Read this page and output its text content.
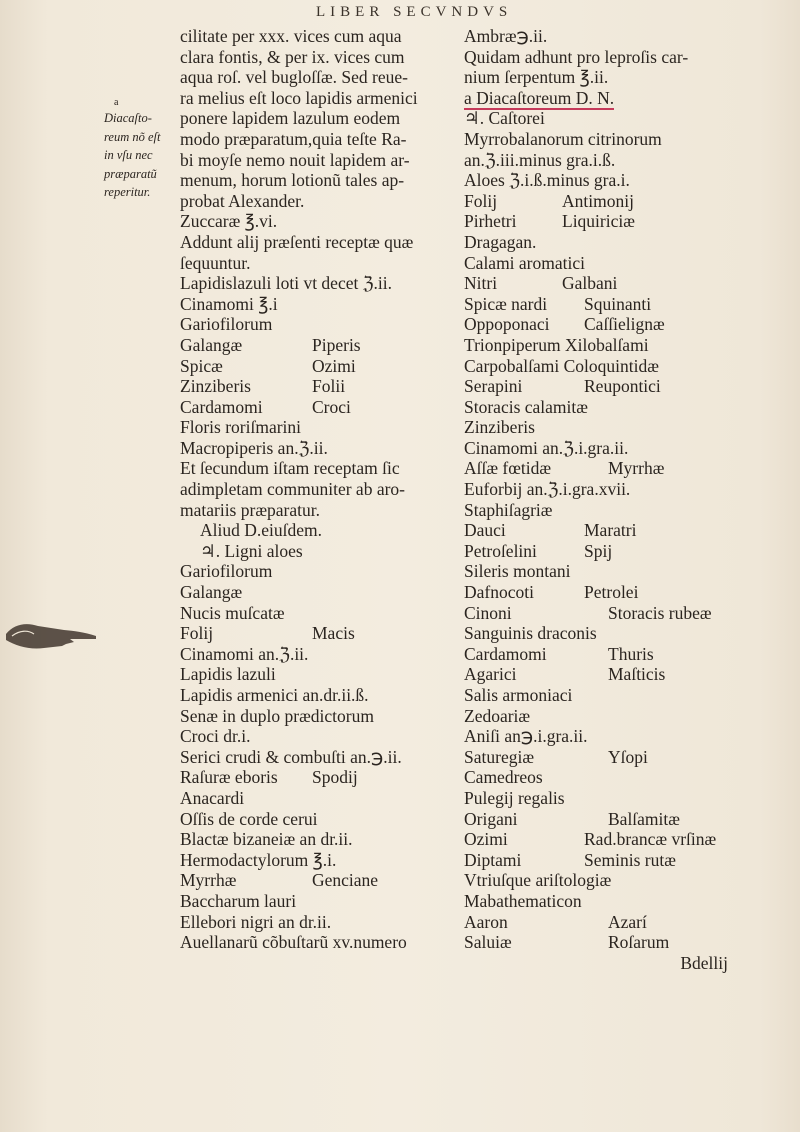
LIBER SECVNDVS
a
Diacaſto-
reum nõ eſt
in vſu nec
præparatũ
reperitur.
cilitate per xxx. vices cum aqua
clara fontis, & per ix. vices cum
aqua roſ. vel bugloſſæ. Sed reue-
ra melius eſt loco lapidis armenici
ponere lapidem lazulum eodem
modo præparatum,quia teſte Ra-
bi moyſe nemo nouit lapidem ar-
menum, horum lotionũ tales ap-
probat Alexander.
Zuccaræ ℥.vi.
Addunt alij præſenti receptæ quæ
ſequuntur.
Lapidislazuli loti vt decet ℨ.ii.
Cinamomi ℥.i
Gariofilorum
Galangæ	Piperis
Spicæ	Ozimi
Zinziberis	Folii
Cardamomi	Croci
Floris roriſmarini
Macropiperis an.ℨ.ii.
Et ſecundum iſtam receptam ſic
adimpletam communiter ab aro-
matariis præparatur.
Aliud D.eiuſdem.
♃. Ligni aloes
Gariofilorum
Galangæ
Nucis muſcatæ
Folij	Macis
Cinamomi an.ℨ.ii.
Lapidis lazuli
Lapidis armenici an.dr.ii.ß.
Senæ in duplo prædictorum
Croci dr.i.
Serici crudi & combuſti an.℈.ii.
Raſuræ eboris	Spodij
Anacardi
Oſſis de corde cerui
Blactæ bizaneiæ an dr.ii.
Hermodactylorum ℥.i.
Myrrhæ	Genciane
Baccharum lauri
Ellebori nigri an dr.ii.
Auellanarũ cõbuſtarũ xv.numero
Ambræ℈.ii.
Quidam adhunt pro leproſis car-
nium ſerpentum ℥.ii.
a Diacaſtoreum D. N.
♃. Caſtorei
Myrrobalanorum citrinorum
an.ℨ.iii.minus gra.i.ß.
Aloes ℨ.i.ß.minus gra.i.
Folij	Antimonij
Pirhetri	Liquiriciæ
Dragagan.
Calami aromatici
Nitri	Galbani
Spicæ nardi	Squinanti
Oppoponaci	Caſſielignæ
Trionpiperum Xilobalſami
Carpobalſami Coloquintidæ
Serapini	Reupontici
Storacis calamitæ
Zinziberis
Cinamomi an.ℨ.i.gra.ii.
Aſſæ fœtidæ	Myrrhæ
Euforbij an.ℨ.i.gra.xvii.
Staphiſagriæ
Dauci	Maratri
Petroſelini	Spij
Sileris montani
Dafnocoti	Petrolei
Cinoni	Storacis rubeæ
Sanguinis draconis
Cardamomi	Thuris
Agarici	Maſticis
Salis armoniaci
Zedoariæ
Aniſi an℈.i.gra.ii.
Saturegiæ	Yſopi
Camedreos
Pulegij regalis
Origani	Balſamitæ
Ozimi	Rad.brancæ vrſinæ
Diptami	Seminis rutæ
Vtriuſque ariſtologiæ
Mabathematicon
Aaron	Azarí
Saluiæ	Roſarum
Bdellij
